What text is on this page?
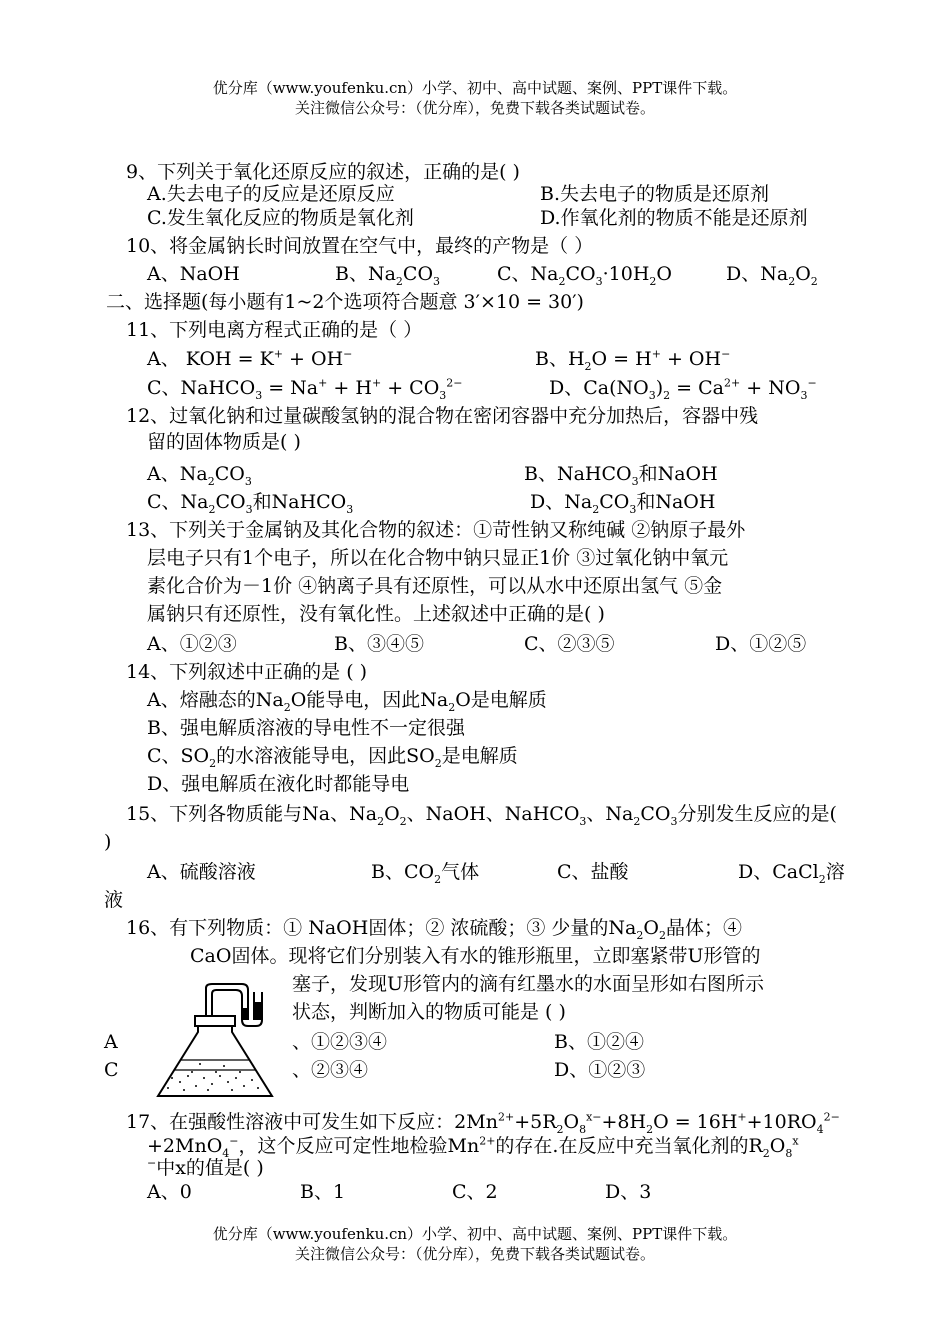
优分库（www.youfenku.cn）小学、初中、高中试题、案例、PPT课件下载。
关注微信公众号：（优分库），免费下载各类试题试卷。
9、下列关于氧化还原反应的叙述，正确的是( )
A.失去电子的反应是还原反应	B.失去电子的物质是还原剂
C.发生氧化反应的物质是氧化剂	D.作氧化剂的物质不能是还原剂
10、将金属钠长时间放置在空气中，最终的产物是（ ）
A、NaOH	B、$Na_2CO_3$	C、$Na_2CO_3\cdot 10H_2O$	D、$Na_2O_2$
二、选择题(每小题有1~2个选项符合题意 3′×10 = 30′)
11、下列电离方程式正确的是（ ）
A、 KOH = K+ + OH−	B、$H_2O = H^+ + OH^-$
C、NaHCO$_3$ = $Na^+ + H^+ + CO_3^{2-}$	D、$Ca(NO_3)_2 = Ca^{2+} + NO_3^-$
12、过氧化钠和过量碳酸氢钠的混合物在密闭容器中充分加热后，容器中残
留的固体物质是( )
A、$Na_2CO_3$	B、NaHCO$_3$和NaOH
C、$Na_2CO_3$和NaHCO$_3$	D、$Na_2CO_3$和NaOH
13、下列关于金属钠及其化合物的叙述：①苛性钠又称纯碱 ②钠原子最外
层电子只有1个电子，所以在化合物中钠只显正1价 ③过氧化钠中氧元
素化合价为－1价 ④钠离子具有还原性，可以从水中还原出氢气 ⑤金
属钠只有还原性，没有氧化性。上述叙述中正确的是( )
A、①②③	B、③④⑤	C、②③⑤	D、①②⑤
14、下列叙述中正确的是 ( )
A、熔融态的$Na_2O$能导电，因此$Na_2O$是电解质
B、强电解质溶液的导电性不一定很强
C、$SO_2$的水溶液能导电，因此$SO_2$是电解质
D、强电解质在液化时都能导电
15、下列各物质能与Na、$Na_2O_2$、NaOH、NaHCO$_3$、$Na_2CO_3$分别发生反应的是(
)
A、硫酸溶液	B、$CO_2$气体	C、盐酸	D、CaCl$_2$溶
液
16、有下列物质：① NaOH固体；② 浓硫酸；③ 少量的$Na_2O_2$晶体；④
CaO固体。现将它们分别装入有水的锥形瓶里，立即塞紧带U形管的
塞子，发现U形管内的滴有红墨水的水面呈形如右图所示
状态，判断加入的物质可能是 ( )
A	、①②③④	B、①②④
C	、②③④	D、①②③
17、在强酸性溶液中可发生如下反应：$2Mn^{2+}+5R_2O_8^{x-}+8H_2O = 16H^++10RO_4^{2-}$
+2MnO$_4$−，这个反应可定性地检验$Mn^{2+}$的存在.在反应中充当氧化剂的$R_2O_8^x$
−中x的值是( )
A、0	B、1	C、2	D、3
优分库（www.youfenku.cn）小学、初中、高中试题、案例、PPT课件下载。
关注微信公众号：（优分库），免费下载各类试题试卷。
